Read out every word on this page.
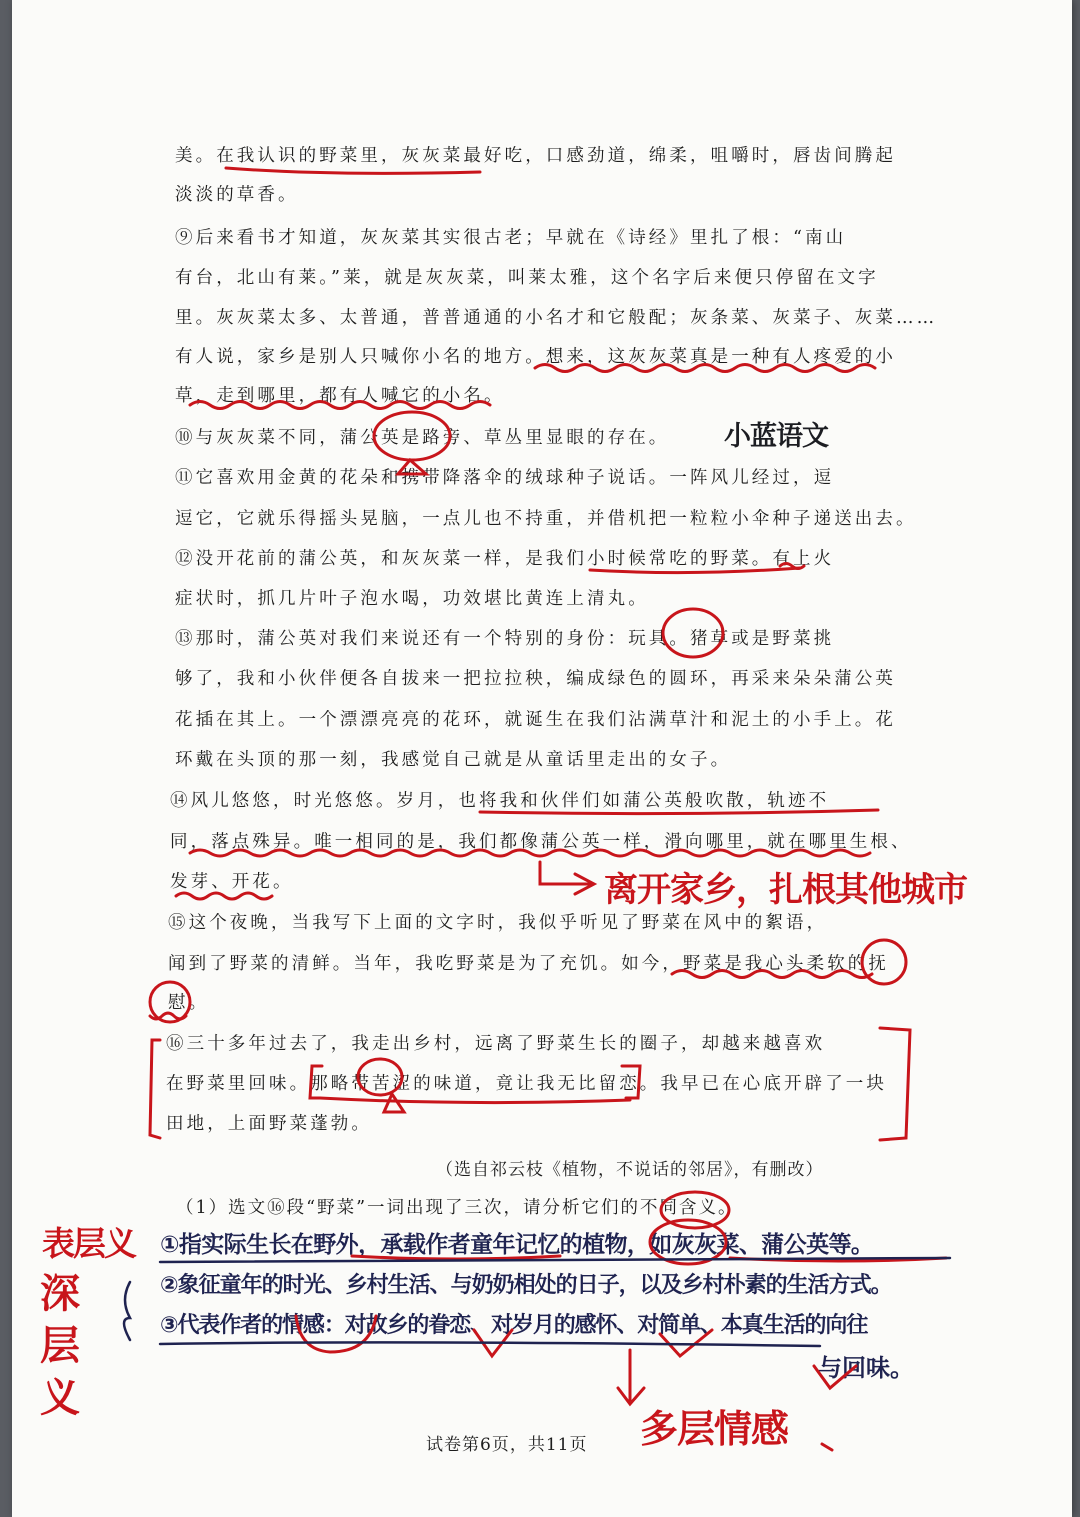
美。在我认识的野菜里，灰灰菜最好吃，口感劲道，绵柔，咀嚼时，唇齿间腾起
淡淡的草香。
⑨后来看书才知道，灰灰菜其实很古老；早就在《诗经》里扎了根：“南山
有台，北山有莱。”莱，就是灰灰菜，叫莱太雅，这个名字后来便只停留在文字
里。灰灰菜太多、太普通，普普通通的小名才和它般配；灰条菜、灰菜子、灰菜……
有人说，家乡是别人只喊你小名的地方。想来，这灰灰菜真是一种有人疼爱的小
草，走到哪里，都有人喊它的小名。
⑩与灰灰菜不同，蒲公英是路旁、草丛里显眼的存在。
⑪它喜欢用金黄的花朵和携带降落伞的绒球种子说话。一阵风儿经过，逗
逗它，它就乐得摇头晃脑，一点儿也不持重，并借机把一粒粒小伞种子递送出去。
⑫没开花前的蒲公英，和灰灰菜一样，是我们小时候常吃的野菜。有上火
症状时，抓几片叶子泡水喝，功效堪比黄连上清丸。
⑬那时，蒲公英对我们来说还有一个特别的身份：玩具。猪草或是野菜挑
够了，我和小伙伴便各自拔来一把拉拉秧，编成绿色的圆环，再采来朵朵蒲公英
花插在其上。一个漂漂亮亮的花环，就诞生在我们沾满草汁和泥土的小手上。花
环戴在头顶的那一刻，我感觉自己就是从童话里走出的女子。
⑭风儿悠悠，时光悠悠。岁月，也将我和伙伴们如蒲公英般吹散，轨迹不
同，落点殊异。唯一相同的是，我们都像蒲公英一样，滑向哪里，就在哪里生根、
发芽、开花。
⑮这个夜晚，当我写下上面的文字时，我似乎听见了野菜在风中的絮语，
闻到了野菜的清鲜。当年，我吃野菜是为了充饥。如今，野菜是我心头柔软的抚
慰。
⑯三十多年过去了，我走出乡村，远离了野菜生长的圈子，却越来越喜欢
在野菜里回味。那略带苦涩的味道，竟让我无比留恋。我早已在心底开辟了一块
田地，上面野菜蓬勃。
（选自祁云枝《植物，不说话的邻居》，有删改）
（1）选文⑯段“野菜”一词出现了三次，请分析它们的不同含义。
试卷第6页，共11页
小蓝语文
离开家乡，扎根其他城市
表层义
深层义
①指实际生长在野外，承载作者童年记忆的植物，如灰灰菜、蒲公英等。
②象征童年的时光、乡村生活、与奶奶相处的日子，以及乡村朴素的生活方式。
③代表作者的情感：对故乡的眷恋、对岁月的感怀、对简单、本真生活的向往
与回味。
多层情感
